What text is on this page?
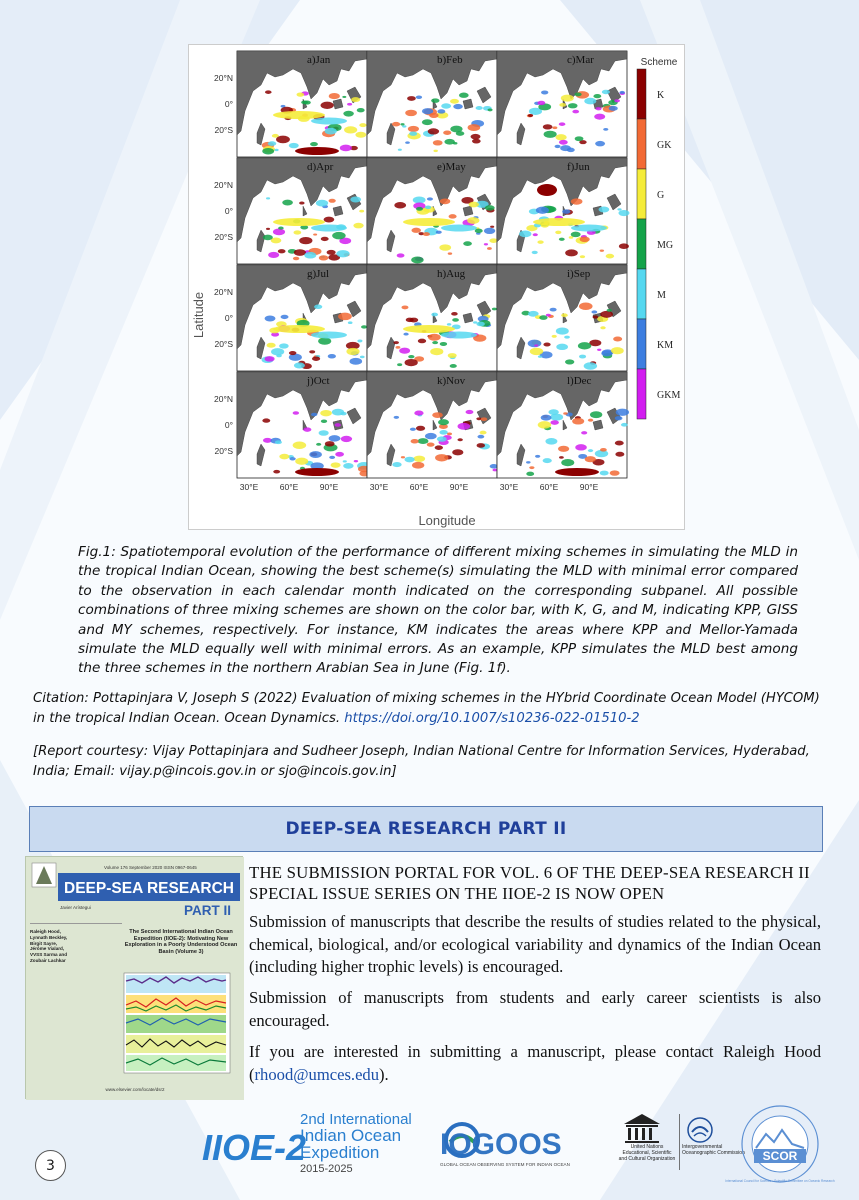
a)Jan
20°N
0°
20°S
b)Feb	c)Mar
d)Apr
20°N
0°
20°S
e)May	f)Jun
g)Jul
20°N
0°
20°S
h)Aug	i)Sep
j)Oct
20°N
0°
20°S
30°E	60°E	90°E
k)Nov
30°E	60°E	90°E
l)Dec
30°E	60°E	90°E
Scheme
K
GK
G
MG
M
KM
GKM
Latitude
Longitude

Fig.1: Spatiotemporal evolution of the performance of different mixing schemes in simulating the MLD in the tropical Indian Ocean, showing the best scheme(s) simulating the MLD with minimal error compared to the observation in each calendar month indicated on the corresponding subpanel. All possible combinations of three mixing schemes are shown on the color bar, with K, G, and M, indicating KPP, GISS and MY schemes, respectively. For instance, KM indicates the areas where KPP and Mellor-Yamada simulate the MLD equally well with minimal errors. As an example, KPP simulates the MLD best among the three schemes in the northern Arabian Sea in June (Fig. 1f).

Citation: Pottapinjara V, Joseph S (2022) Evaluation of mixing schemes in the HYbrid Coordinate Ocean Model (HYCOM) in the tropical Indian Ocean. Ocean Dynamics. https://doi.org/10.1007/s10236-022-01510-2

[Report courtesy: Vijay Pottapinjara and Sudheer Joseph, Indian National Centre for Information Services, Hyderabad, India; Email: vijay.p@incois.gov.in or sjo@incois.gov.in]

DEEP-SEA RESEARCH PART II
Volume 176 September 2020 ISSN 0967-0645
DEEP-SEA RESEARCH
PART II
Javier Arístegui
Raleigh Hood, Lynnath Beckley, Birgit Sayre, Jérôme Vialard, VVSS Sarma and Zoubair Lachkar
The Second International Indian Ocean Expedition (IIOE-2): Motivating New Exploration in a Poorly Understood Ocean Basin (Volume 3)
www.elsevier.com/locate/dsr2

THE SUBMISSION PORTAL FOR VOL. 6 OF THE DEEP-SEA RESEARCH II SPECIAL ISSUE SERIES ON THE IIOE-2 IS NOW OPEN

Submission of manuscripts that describe the results of studies related to the physical, chemical, biological, and/or ecological variability and dynamics of the Indian Ocean (including higher trophic levels) is encouraged.

Submission of manuscripts from students and early career scientists is also encouraged.

If you are interested in submitting a manuscript, please contact Raleigh Hood (rhood@umces.edu).

3	IIOE-2
2nd International
Indian Ocean
Expedition
2015-2025
IOGOOS
GLOBAL OCEAN OBSERVING SYSTEM FOR INDIAN OCEAN
United Nations Educational, Scientific and Cultural Organization
Intergovernmental Oceanographic Commission SCOR
International Council for Science · Scientific Committee on Oceanic Research
